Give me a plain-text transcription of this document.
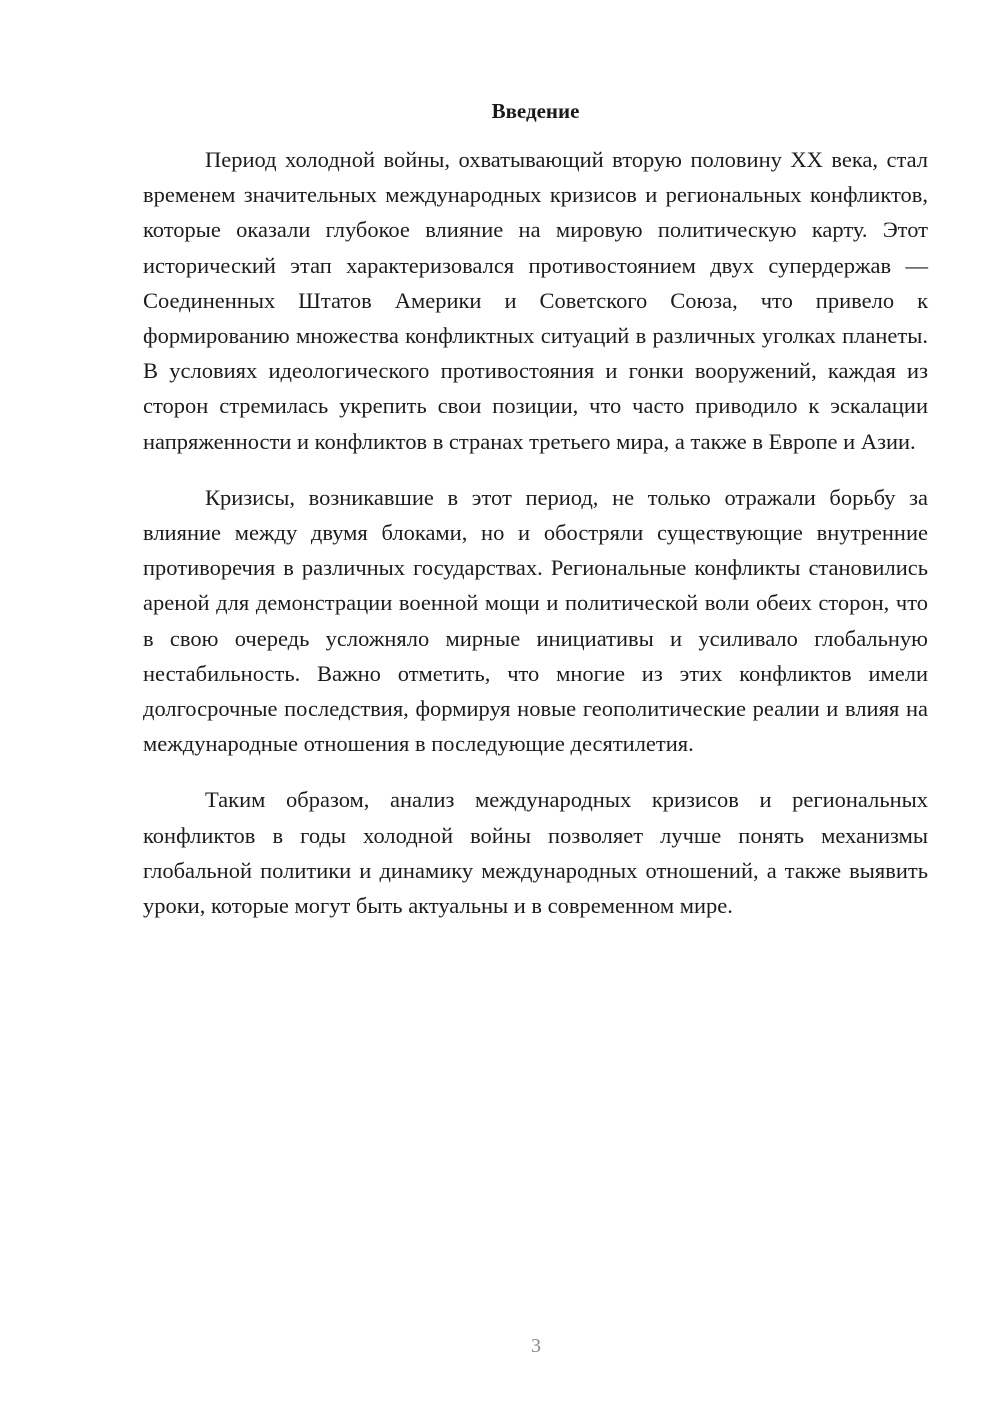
Введение

Период холодной войны, охватывающий вторую половину XX века, стал временем значительных международных кризисов и региональных конфликтов, которые оказали глубокое влияние на мировую политическую карту. Этот исторический этап характеризовался противостоянием двух супердержав — Соединенных Штатов Америки и Советского Союза, что привело к формированию множества конфликтных ситуаций в различных уголках планеты. В условиях идеологического противостояния и гонки вооружений, каждая из сторон стремилась укрепить свои позиции, что часто приводило к эскалации напряженности и конфликтов в странах третьего мира, а также в Европе и Азии.

Кризисы, возникавшие в этот период, не только отражали борьбу за влияние между двумя блоками, но и обостряли существующие внутренние противоречия в различных государствах. Региональные конфликты становились ареной для демонстрации военной мощи и политической воли обеих сторон, что в свою очередь усложняло мирные инициативы и усиливало глобальную нестабильность. Важно отметить, что многие из этих конфликтов имели долгосрочные последствия, формируя новые геополитические реалии и влияя на международные отношения в последующие десятилетия.

Таким образом, анализ международных кризисов и региональных конфликтов в годы холодной войны позволяет лучше понять механизмы глобальной политики и динамику международных отношений, а также выявить уроки, которые могут быть актуальны и в современном мире.

3
